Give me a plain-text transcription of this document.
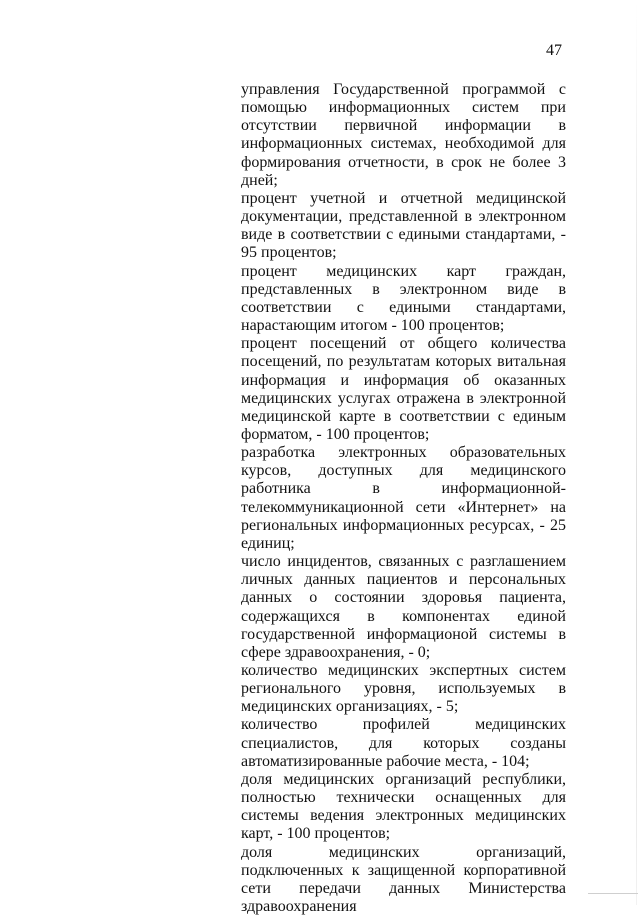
47

управления Государственной программой с помощью информационных систем при отсутствии первичной информации в информационных системах, необходимой для формирования отчетности, в срок не более 3 дней;

процент учетной и отчетной медицинской документации, представленной в электронном виде в соответствии с едиными стандартами, - 95 процентов;

процент медицинских карт граждан, представленных в электронном виде в соответствии с едиными стандартами, нарастающим итогом - 100 процентов;

процент посещений от общего количества посещений, по результатам которых витальная информация и информация об оказанных медицинских услугах отражена в электронной медицинской карте в соответствии с единым форматом, - 100 процентов;

разработка электронных образовательных курсов, доступных для медицинского работника в информационной-телекоммуникационной сети «Интернет» на региональных информационных ресурсах, - 25 единиц;

число инцидентов, связанных с разглашением личных данных пациентов и персональных данных о состоянии здоровья пациента, содержащихся в компонентах единой государственной информационой системы в сфере здравоохранения, - 0;

количество медицинских экспертных систем регионального уровня, используемых в медицинских организациях, - 5;

количество профилей медицинских специалистов, для которых созданы автоматизированные рабочие места, - 104;

доля медицинских организаций республики, полностью технически оснащенных для системы ведения электронных медицинских карт, - 100 процентов;

доля медицинских организаций, подключенных к защищенной корпоративной сети передачи данных Министерства здравоохранения
